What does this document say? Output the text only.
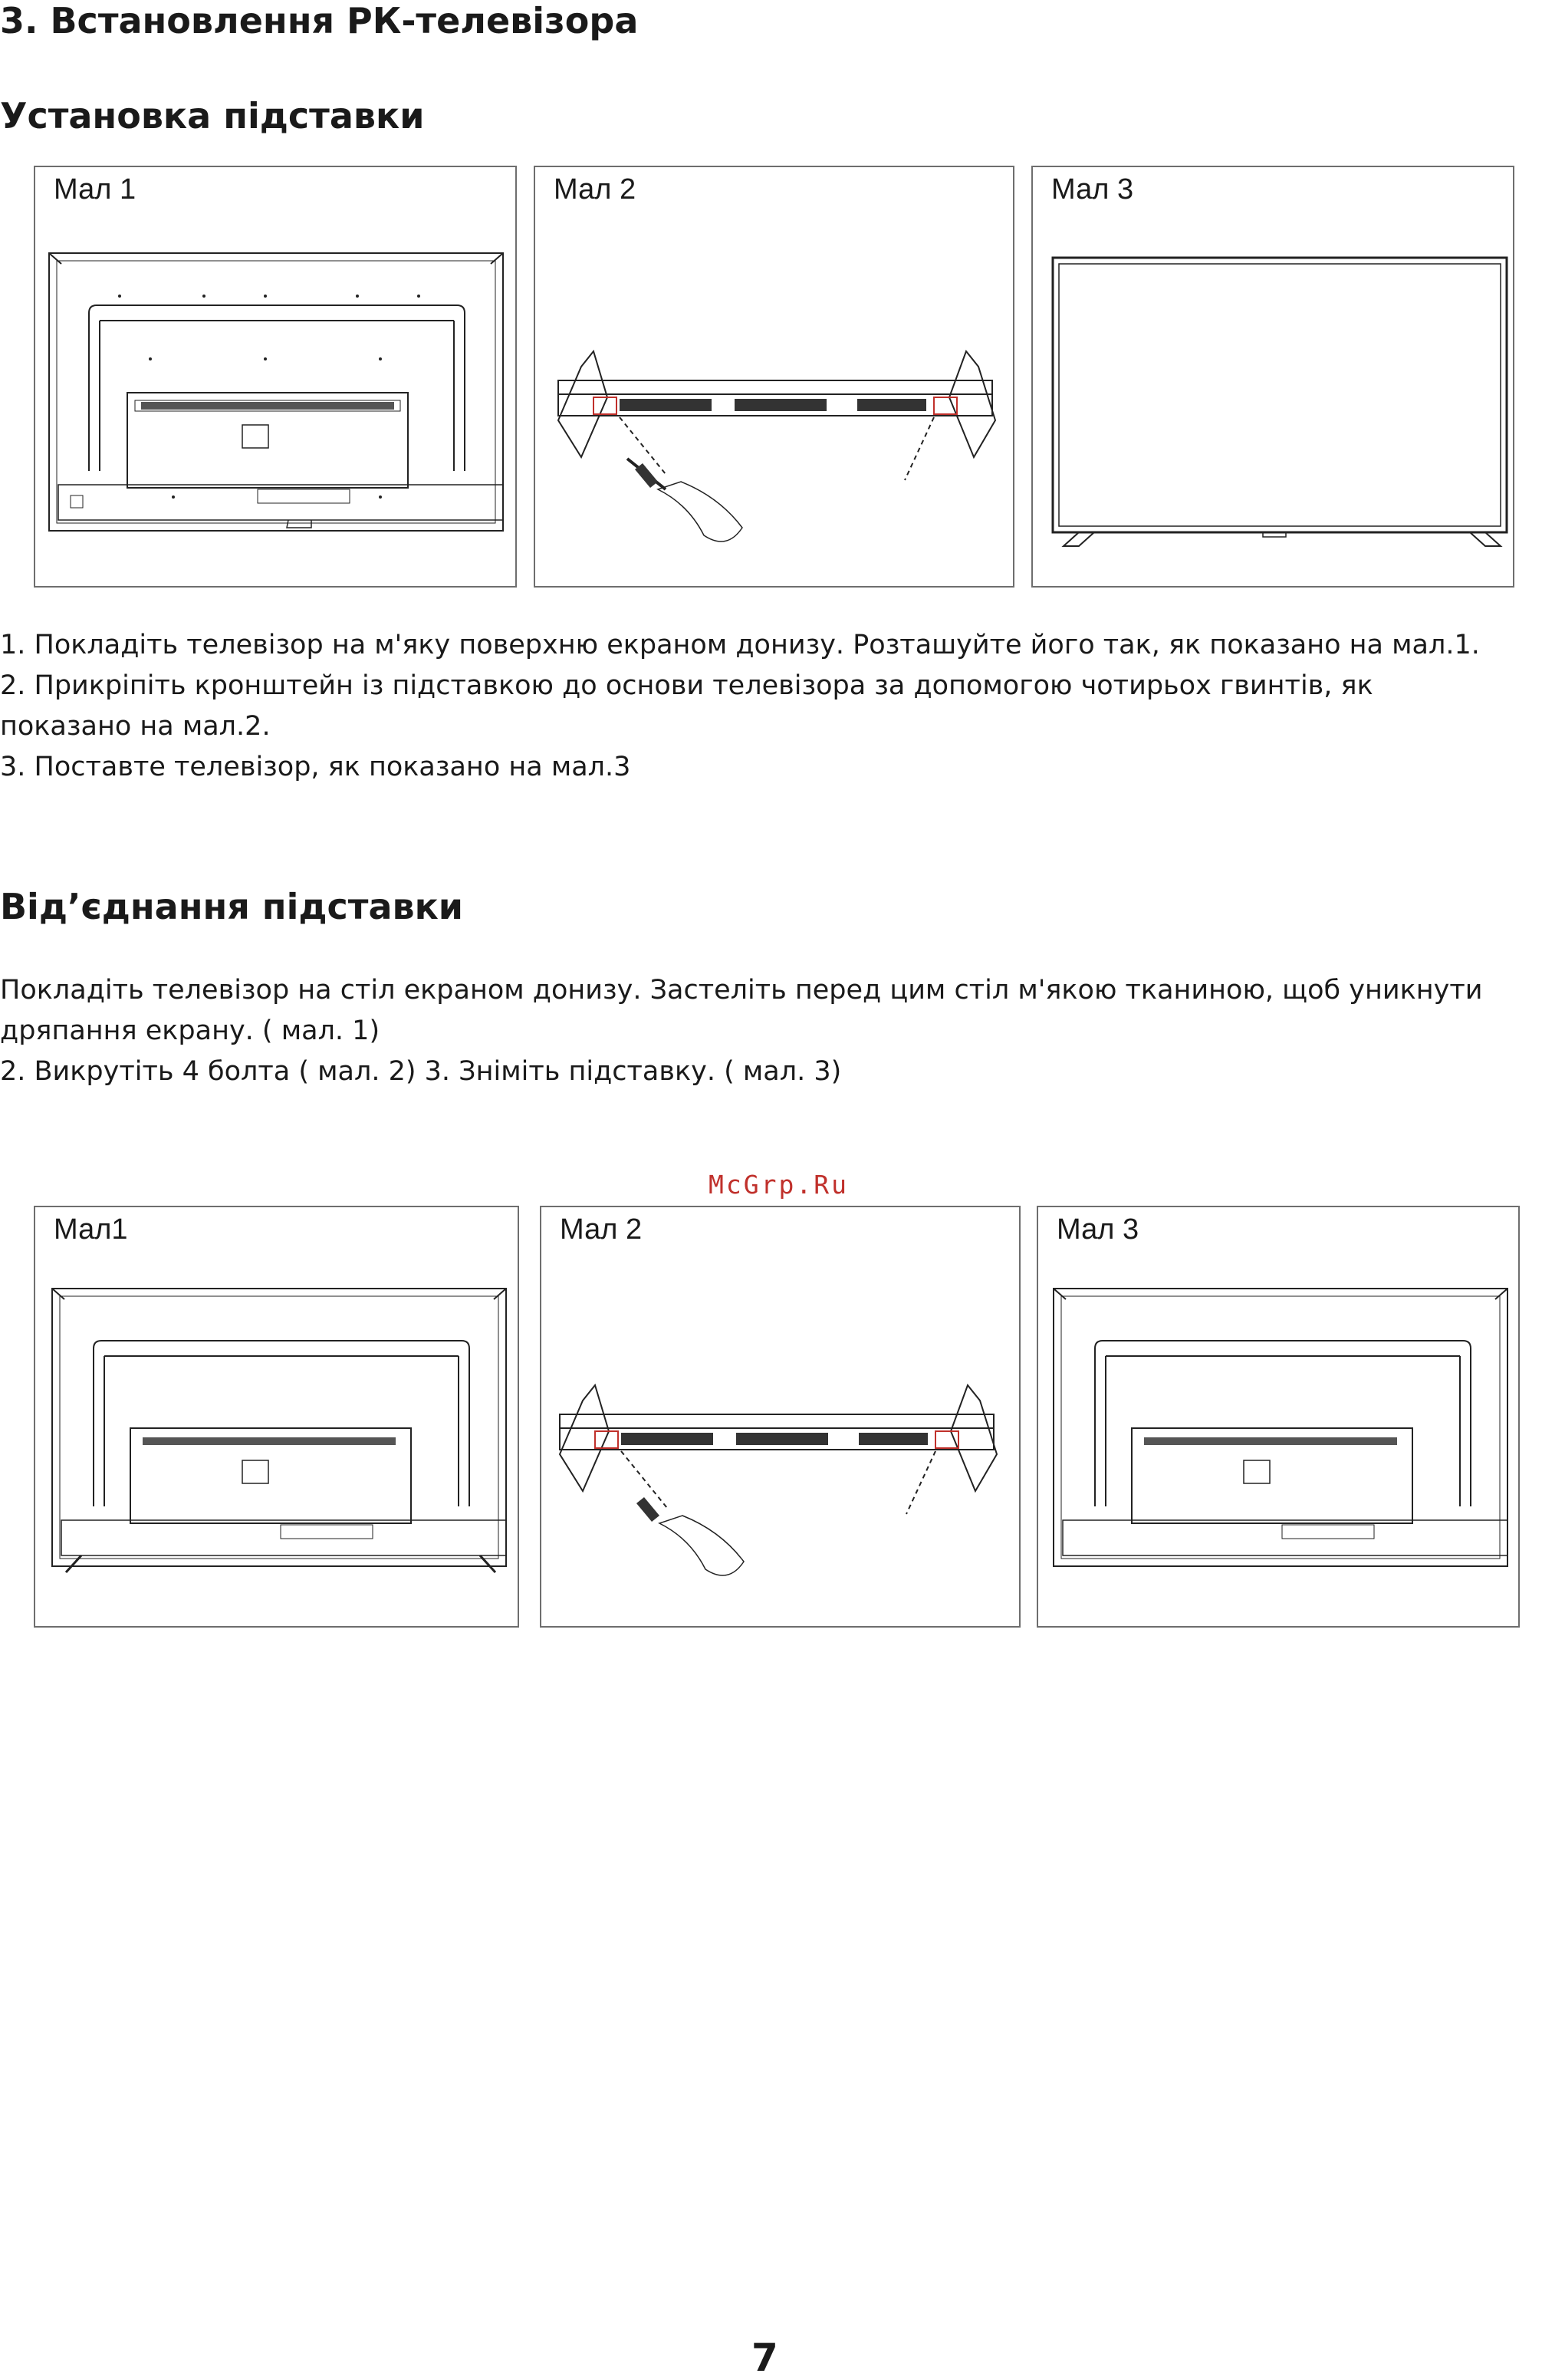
3. Встановлення РК-телевізора
Установка підставки
Мал 1	Мал 2	Мал 3
1. Покладіть телевізор на м'яку поверхню екраном донизу. Розташуйте його так, як показано на мал.1.
2. Прикріпіть кронштейн із підставкою до основи телевізора за допомогою чотирьох гвинтів, як
показано на мал.2.
3. Поставте телевізор, як показано на мал.3
Від’єднання підставки
Покладіть телевізор на стіл екраном донизу. Застеліть перед цим стіл м'якою тканиною, щоб уникнути
дряпання екрану. ( мал. 1)
2. Викрутіть 4 болта ( мал. 2) 3. Зніміть підставку. ( мал. 3)
McGrp.Ru
Мал1	Мал 2	Мал 3
7
